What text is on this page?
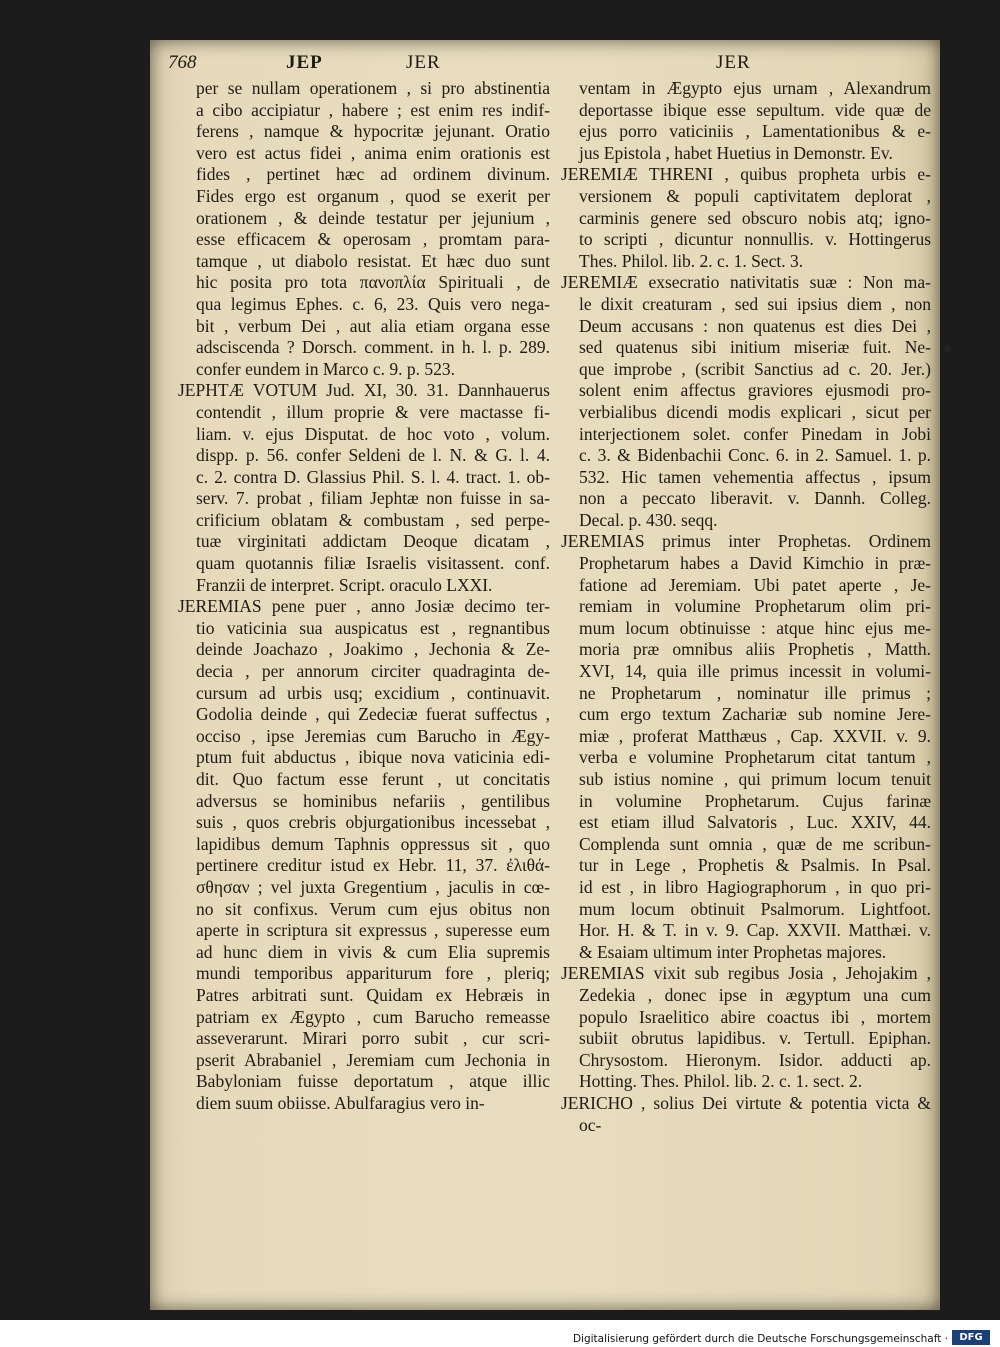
768	JEP	JER	JER
per se nullam operationem , si pro abstinentia
a cibo accipiatur , habere ; est enim res indif-
ferens , namque & hypocritæ jejunant. Oratio
vero est actus fidei , anima enim orationis est
fides , pertinet hæc ad ordinem divinum.
Fides ergo est organum , quod se exerit per
orationem , & deinde testatur per jejunium ,
esse efficacem & operosam , promtam para-
tamque , ut diabolo resistat. Et hæc duo sunt
hic posita pro tota πανοπλία Spirituali , de
qua legimus Ephes. c. 6, 23. Quis vero nega-
bit , verbum Dei , aut alia etiam organa esse
adsciscenda ? Dorsch. comment. in h. l. p. 289.
confer eundem in Marco c. 9. p. 523.
JEPHTÆ VOTUM Jud. XI, 30. 31. Dannhauerus
contendit , illum proprie & vere mactasse fi-
liam. v. ejus Disputat. de hoc voto , volum.
dispp. p. 56. confer Seldeni de l. N. & G. l. 4.
c. 2. contra D. Glassius Phil. S. l. 4. tract. 1. ob-
serv. 7. probat , filiam Jephtæ non fuisse in sa-
crificium oblatam & combustam , sed perpe-
tuæ virginitati addictam Deoque dicatam ,
quam quotannis filiæ Israelis visitassent. conf.
Franzii de interpret. Script. oraculo LXXI.
JEREMIAS pene puer , anno Josiæ decimo ter-
tio vaticinia sua auspicatus est , regnantibus
deinde Joachazo , Joakimo , Jechonia & Ze-
decia , per annorum circiter quadraginta de-
cursum ad urbis usq; excidium , continuavit.
Godolia deinde , qui Zedeciæ fuerat suffectus ,
occiso , ipse Jeremias cum Barucho in Ægy-
ptum fuit abductus , ibique nova vaticinia edi-
dit. Quo factum esse ferunt , ut concitatis
adversus se hominibus nefariis , gentilibus
suis , quos crebris objurgationibus incessebat ,
lapidibus demum Taphnis oppressus sit , quo
pertinere creditur istud ex Hebr. 11, 37. ἐλιθά-
σθησαν ; vel juxta Gregentium , jaculis in cœ-
no sit confixus. Verum cum ejus obitus non
aperte in scriptura sit expressus , superesse eum
ad hunc diem in vivis & cum Elia supremis
mundi temporibus appariturum fore , pleriq;
Patres arbitrati sunt. Quidam ex Hebræis in
patriam ex Ægypto , cum Barucho remeasse
asseverarunt. Mirari porro subit , cur scri-
pserit Abrabaniel , Jeremiam cum Jechonia in
Babyloniam fuisse deportatum , atque illic
diem suum obiisse. Abulfaragius vero in-
ventam in Ægypto ejus urnam , Alexandrum
deportasse ibique esse sepultum. vide quæ de
ejus porro vaticiniis , Lamentationibus & e-
jus Epistola , habet Huetius in Demonstr. Ev.
JEREMIÆ THRENI , quibus propheta urbis e-
versionem & populi captivitatem deplorat ,
carminis genere sed obscuro nobis atq; igno-
to scripti , dicuntur nonnullis. v. Hottingerus
Thes. Philol. lib. 2. c. 1. Sect. 3.
JEREMIÆ exsecratio nativitatis suæ : Non ma-
le dixit creaturam , sed sui ipsius diem , non
Deum accusans : non quatenus est dies Dei ,
sed quatenus sibi initium miseriæ fuit. Ne-
que improbe , (scribit Sanctius ad c. 20. Jer.)
solent enim affectus graviores ejusmodi pro-
verbialibus dicendi modis explicari , sicut per
interjectionem solet. confer Pinedam in Jobi
c. 3. & Bidenbachii Conc. 6. in 2. Samuel. 1. p.
532. Hic tamen vehementia affectus , ipsum
non a peccato liberavit. v. Dannh. Colleg.
Decal. p. 430. seqq.
JEREMIAS primus inter Prophetas. Ordinem
Prophetarum habes a David Kimchio in præ-
fatione ad Jeremiam. Ubi patet aperte , Je-
remiam in volumine Prophetarum olim pri-
mum locum obtinuisse : atque hinc ejus me-
moria præ omnibus aliis Prophetis , Matth.
XVI, 14, quia ille primus incessit in volumi-
ne Prophetarum , nominatur ille primus ;
cum ergo textum Zachariæ sub nomine Jere-
miæ , proferat Matthæus , Cap. XXVII. v. 9.
verba e volumine Prophetarum citat tantum ,
sub istius nomine , qui primum locum tenuit
in volumine Prophetarum. Cujus farinæ
est etiam illud Salvatoris , Luc. XXIV, 44.
Complenda sunt omnia , quæ de me scribun-
tur in Lege , Prophetis & Psalmis. In Psal.
id est , in libro Hagiographorum , in quo pri-
mum locum obtinuit Psalmorum. Lightfoot.
Hor. H. & T. in v. 9. Cap. XXVII. Matthæi. v.
& Esaiam ultimum inter Prophetas majores.
JEREMIAS vixit sub regibus Josia , Jehojakim ,
Zedekia , donec ipse in ægyptum una cum
populo Israelitico abire coactus ibi , mortem
subiit obrutus lapidibus. v. Tertull. Epiphan.
Chrysostom. Hieronym. Isidor. adducti ap.
Hotting. Thes. Philol. lib. 2. c. 1. sect. 2.
JERICHO , solius Dei virtute & potentia victa &
oc-
Digitalisierung gefördert durch die Deutsche Forschungsgemeinschaft ·	DFG
